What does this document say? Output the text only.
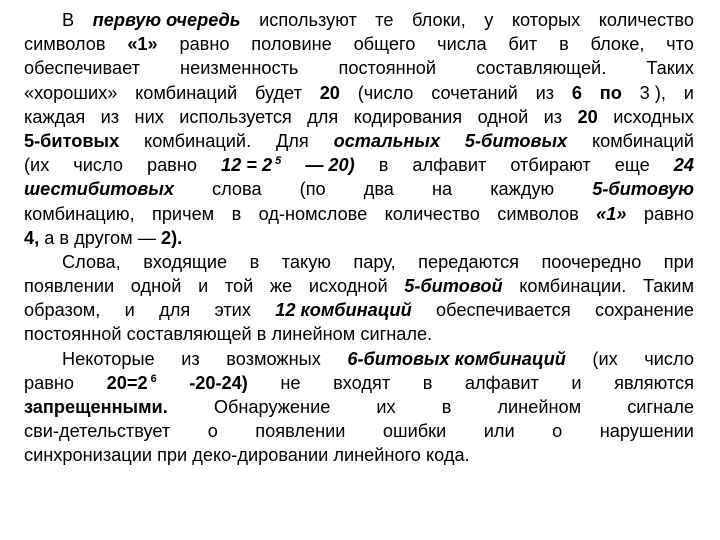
В первую очередь используют те блоки, у которых количество
символов «1» равно половине общего числа бит в блоке, что
обеспечивает неизменность постоянной составляющей. Таких
«хороших» комбинаций будет 20 (число сочетаний из 6 по 3 ), и
каждая из них используется для кодирования одной из 20 исходных
5-битовых комбинаций. Для остальных 5-битовых комбинаций
(их число равно 12 = 2 $^5$ — 20) в алфавит отбирают еще 24
шестибитовых слова (по два на каждую 5-битовую
комбинацию, причем в од-номслове количество символов «1» равно
4,
а
в
другом
—
2).
Слова, входящие в такую пару, передаются поочередно при
появлении одной и той же исходной 5-битовой комбинации. Таким
образом, и для этих 12 комбинаций обеспечивается сохранение
постоянной
составляющей
в
линейном
сигнале.
Некоторые из возможных 6-битовых комбинаций (их число
равно 20=2 $^6$ -20-24) не входят в алфавит и являются
запрещенными.	Обнаружение	их	в	линейном	сигнале
сви-детельствует о появлении ошибки или о нарушении
синхронизации
при
деко-дировании
линейного
кода.
